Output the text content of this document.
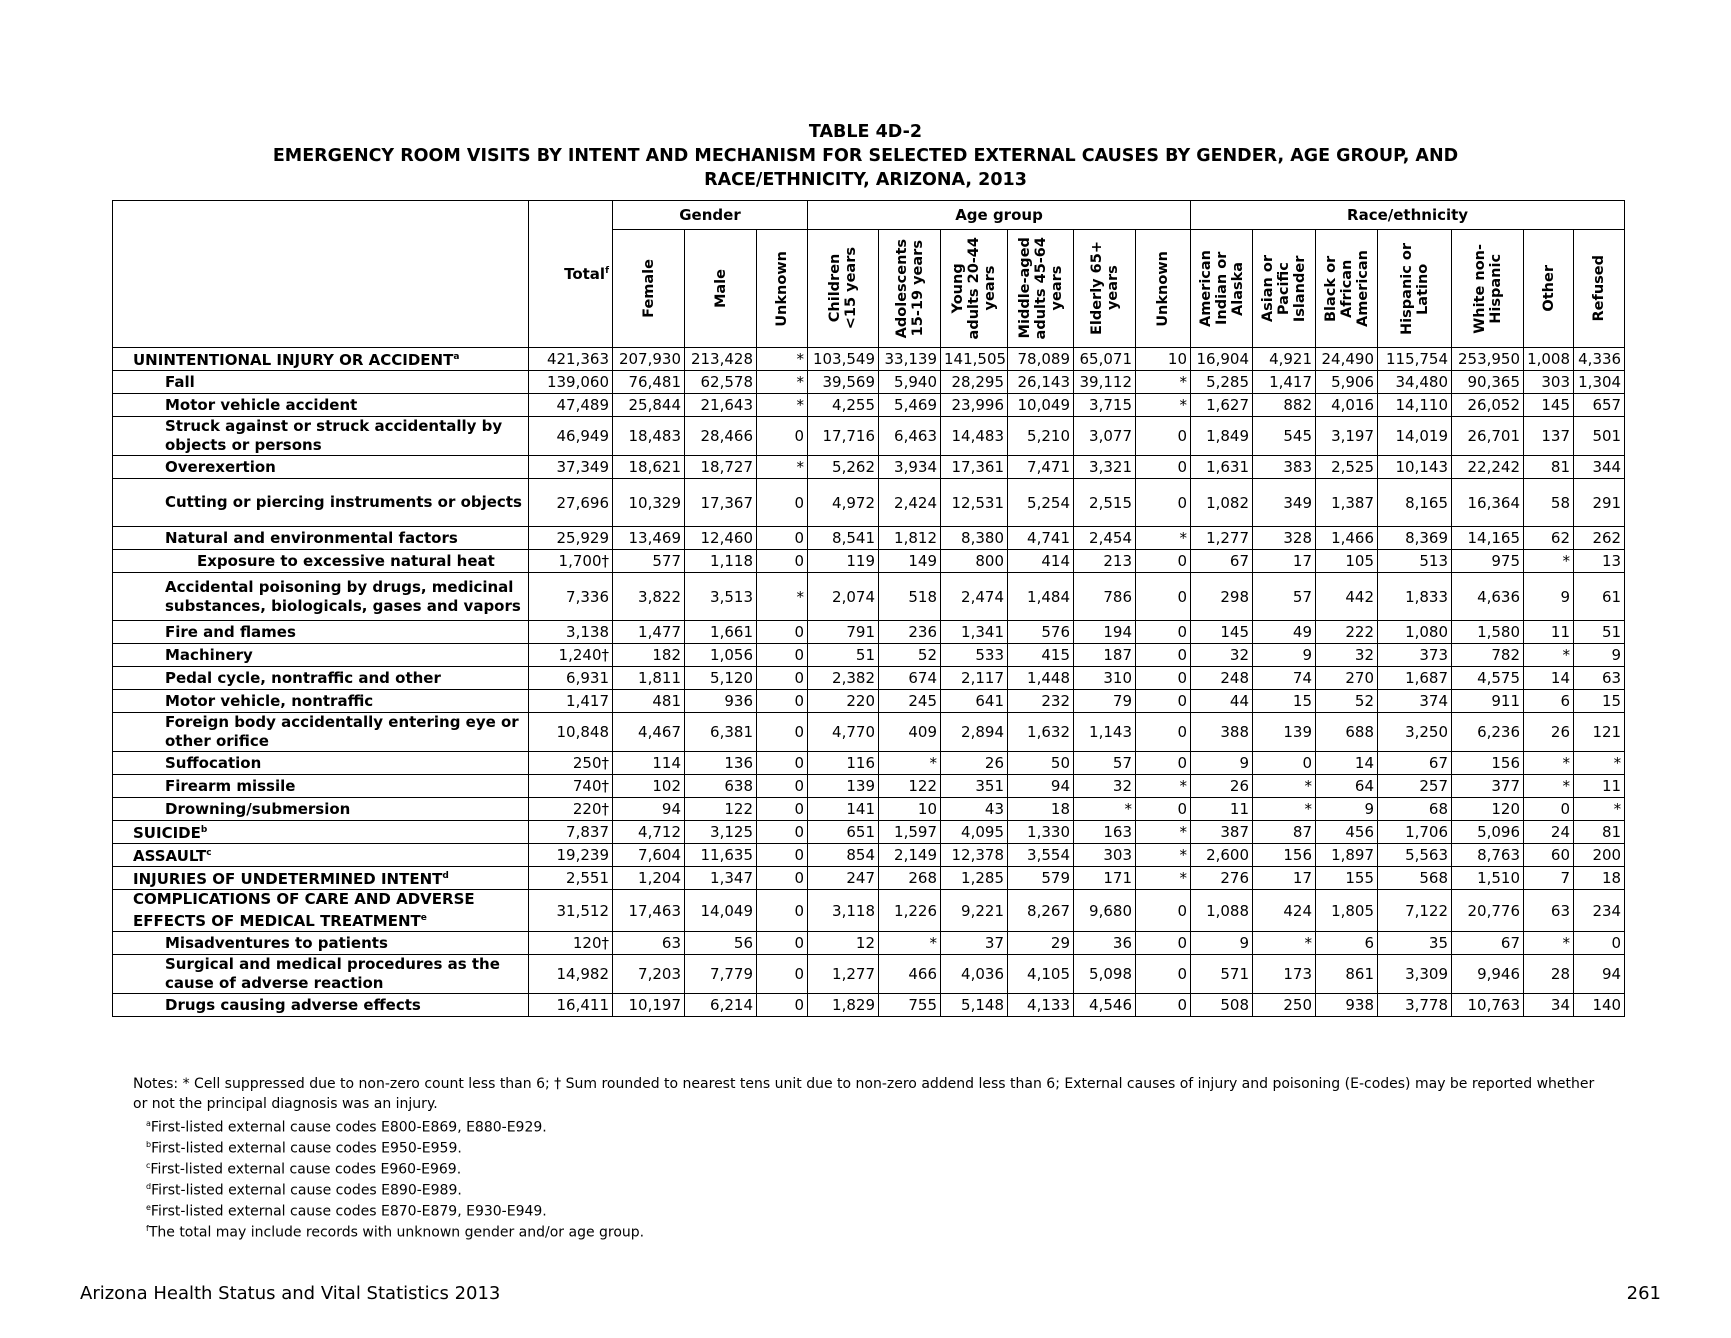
TABLE 4D-2
EMERGENCY ROOM VISITS BY INTENT AND MECHANISM FOR SELECTED EXTERNAL CAUSES BY GENDER, AGE GROUP, AND
RACE/ETHNICITY, ARIZONA, 2013
	Total$^f$	Gender			Age group						Race/ethnicity						

		Female	Male	Unknown	Children
<15 years	Adolescents
15-19 years	Young
adults 20-44
years	Middle-aged
adults 45-64
years	Elderly 65+
years	Unknown	American
Indian or
Alaska	Asian or
Pacific
Islander	Black or
African
American	Hispanic or
Latino	White non-
Hispanic	Other	Refused

UNINTENTIONAL INJURY OR ACCIDENT$^a$	421,363	207,930	213,428	*	103,549	33,139	141,505	78,089	65,071	10	16,904	4,921	24,490	115,754	253,950	1,008	4,336
Fall	139,060	76,481	62,578	*	39,569	5,940	28,295	26,143	39,112	*	5,285	1,417	5,906	34,480	90,365	303	1,304
Motor vehicle accident	47,489	25,844	21,643	*	4,255	5,469	23,996	10,049	3,715	*	1,627	882	4,016	14,110	26,052	145	657
Struck against or struck accidentally by objects or persons	46,949	18,483	28,466	0	17,716	6,463	14,483	5,210	3,077	0	1,849	545	3,197	14,019	26,701	137	501
Overexertion	37,349	18,621	18,727	*	5,262	3,934	17,361	7,471	3,321	0	1,631	383	2,525	10,143	22,242	81	344
Cutting or piercing instruments or objects	27,696	10,329	17,367	0	4,972	2,424	12,531	5,254	2,515	0	1,082	349	1,387	8,165	16,364	58	291
Natural and environmental factors	25,929	13,469	12,460	0	8,541	1,812	8,380	4,741	2,454	*	1,277	328	1,466	8,369	14,165	62	262
Exposure to excessive natural heat	1,700†	577	1,118	0	119	149	800	414	213	0	67	17	105	513	975	*	13
Accidental poisoning by drugs, medicinal substances, biologicals, gases and vapors	7,336	3,822	3,513	*	2,074	518	2,474	1,484	786	0	298	57	442	1,833	4,636	9	61
Fire and flames	3,138	1,477	1,661	0	791	236	1,341	576	194	0	145	49	222	1,080	1,580	11	51
Machinery	1,240†	182	1,056	0	51	52	533	415	187	0	32	9	32	373	782	*	9
Pedal cycle, nontraffic and other	6,931	1,811	5,120	0	2,382	674	2,117	1,448	310	0	248	74	270	1,687	4,575	14	63
Motor vehicle, nontraffic	1,417	481	936	0	220	245	641	232	79	0	44	15	52	374	911	6	15
Foreign body accidentally entering eye or other orifice	10,848	4,467	6,381	0	4,770	409	2,894	1,632	1,143	0	388	139	688	3,250	6,236	26	121
Suffocation	250†	114	136	0	116	*	26	50	57	0	9	0	14	67	156	*	*
Firearm missile	740†	102	638	0	139	122	351	94	32	*	26	*	64	257	377	*	11
Drowning/submersion	220†	94	122	0	141	10	43	18	*	0	11	*	9	68	120	0	*
SUICIDE$^b$	7,837	4,712	3,125	0	651	1,597	4,095	1,330	163	*	387	87	456	1,706	5,096	24	81
ASSAULT$^c$	19,239	7,604	11,635	0	854	2,149	12,378	3,554	303	*	2,600	156	1,897	5,563	8,763	60	200
INJURIES OF UNDETERMINED INTENT$^d$	2,551	1,204	1,347	0	247	268	1,285	579	171	*	276	17	155	568	1,510	7	18
COMPLICATIONS OF CARE AND ADVERSE EFFECTS OF MEDICAL TREATMENT$^e$	31,512	17,463	14,049	0	3,118	1,226	9,221	8,267	9,680	0	1,088	424	1,805	7,122	20,776	63	234
Misadventures to patients	120†	63	56	0	12	*	37	29	36	0	9	*	6	35	67	*	0
Surgical and medical procedures as the cause of adverse reaction	14,982	7,203	7,779	0	1,277	466	4,036	4,105	5,098	0	571	173	861	3,309	9,946	28	94
Drugs causing adverse effects	16,411	10,197	6,214	0	1,829	755	5,148	4,133	4,546	0	508	250	938	3,778	10,763	34	140
Notes: * Cell suppressed due to non-zero count less than 6; † Sum rounded to nearest tens unit due to non-zero addend less than 6; External causes of injury and poisoning (E-codes) may be reported whether or not the principal diagnosis was an injury.
$^a$First-listed external cause codes E800-E869, E880-E929.
$^b$First-listed external cause codes E950-E959.
$^c$First-listed external cause codes E960-E969.
$^d$First-listed external cause codes E890-E989.
$^e$First-listed external cause codes E870-E879, E930-E949.
$^f$The total may include records with unknown gender and/or age group.
Arizona Health Status and Vital Statistics 2013	261
